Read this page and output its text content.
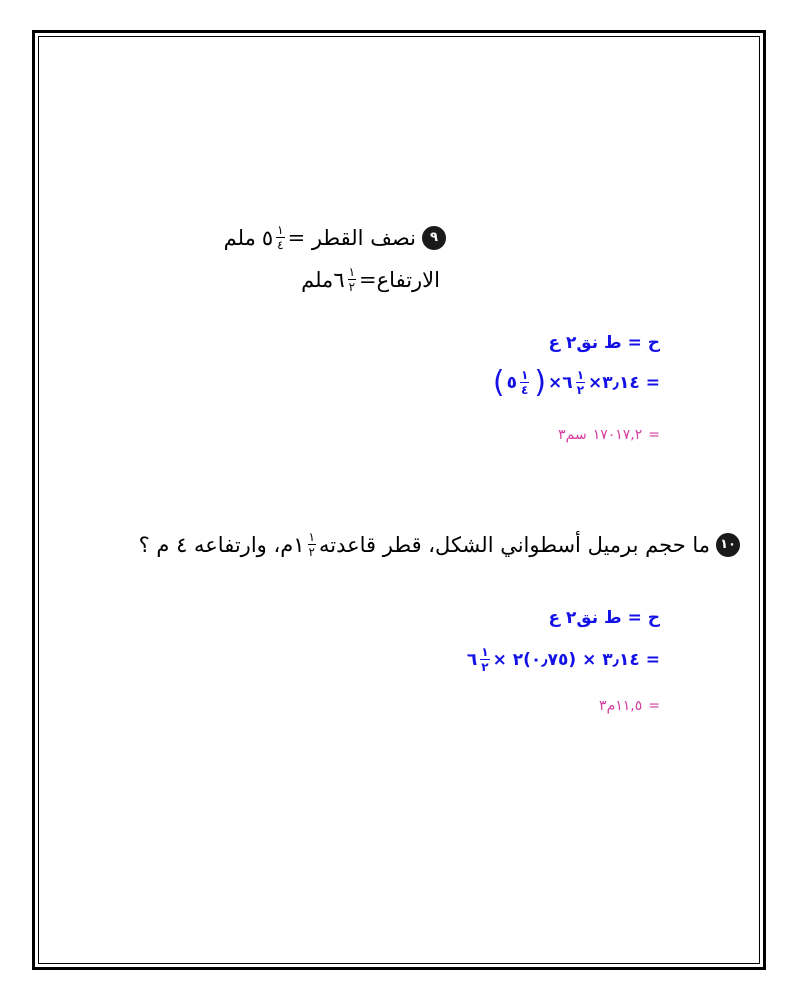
٩
نصف القطر =
$\frac{١}{٤}$
٥
ملم
الارتفاع=
$\frac{١}{٢}$
٦
ملم
ح = ط نق٢ ع
=
٣٫١٤
×
$\frac{١}{٢}$
٦
×
(
$\frac{١}{٤}$
٥
)
=
١٧٠١٧,٢
سم٣
١٠
ما حجم برميل أسطواني الشكل، قطر قاعدته
$\frac{١}{٢}$
١م، وارتفاعه ٤ م ؟
ح = ط نق٢ ع
=
٣٫١٤ × (٠٫٧٥)٢ ×
$\frac{١}{٢}$
٦
=
١١,٥
م٣
